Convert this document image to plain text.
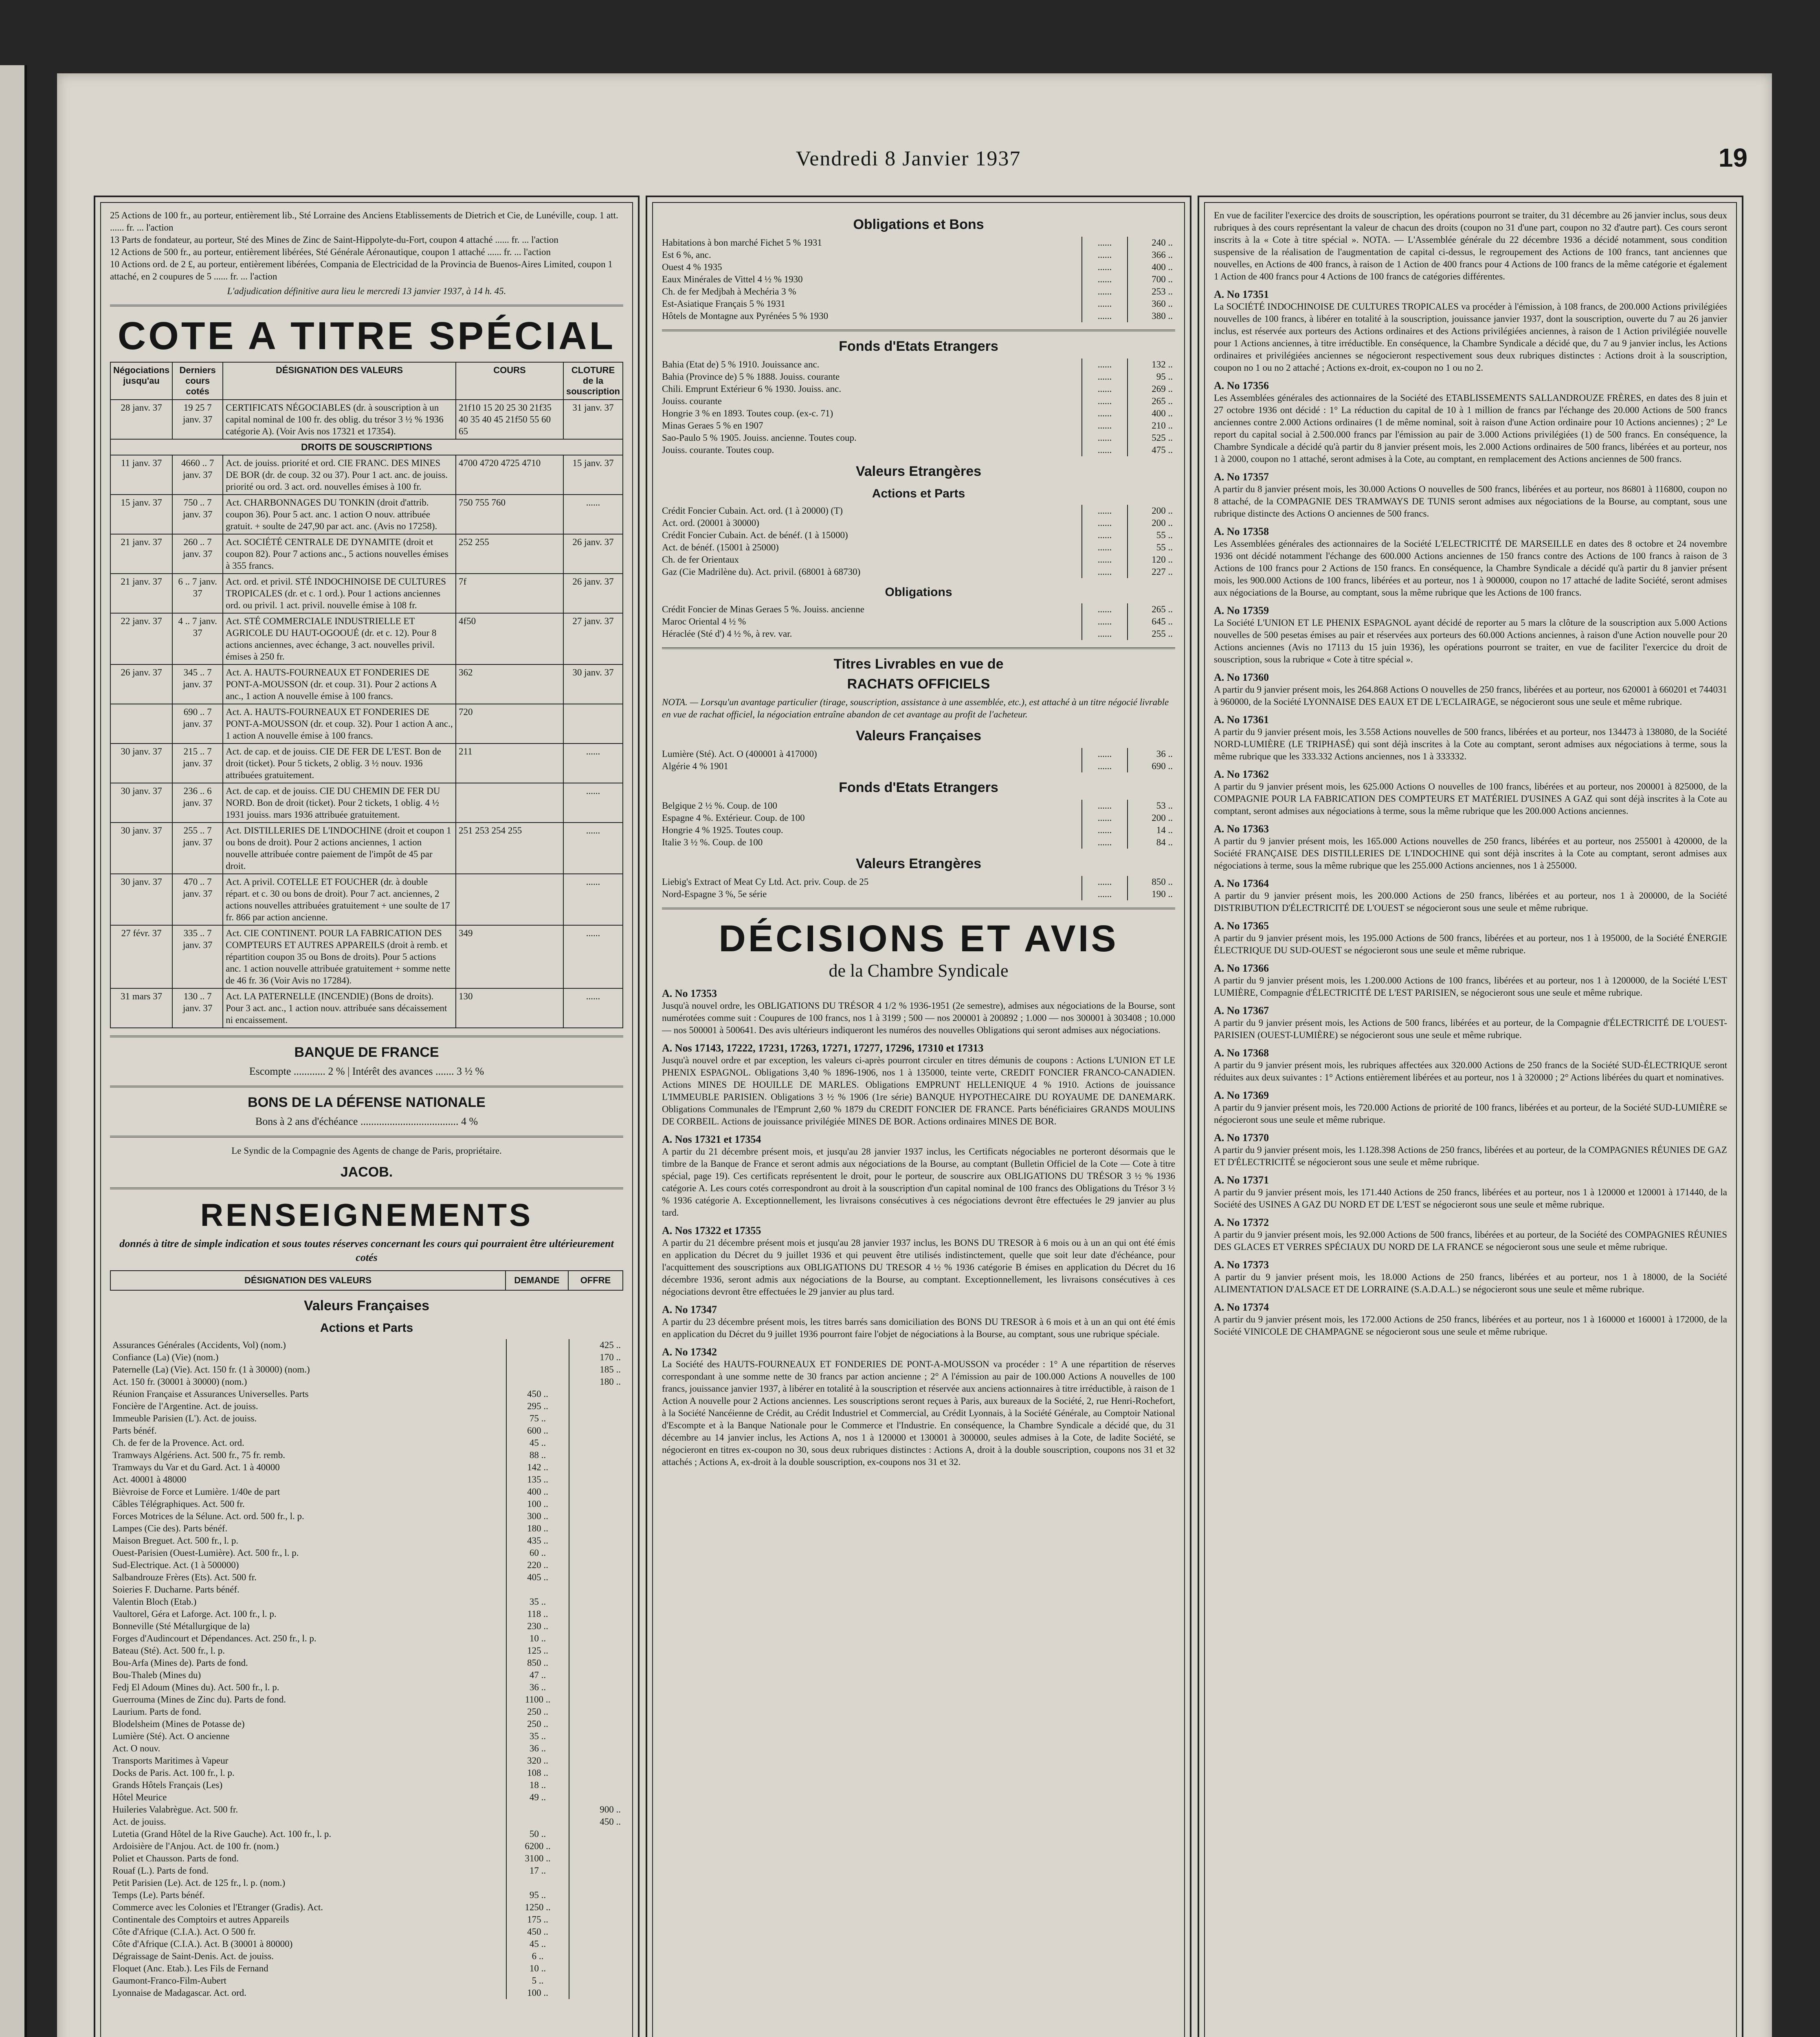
Vendredi 8 Janvier 1937	19
25 Actions de 100 fr., au porteur, entièrement lib., Sté Lorraine des Anciens Etablissements de Dietrich et Cie, de Lunéville, coup. 1 att. ...... fr. ... l'action
13 Parts de fondateur, au porteur, Sté des Mines de Zinc de Saint-Hippolyte-du-Fort, coupon 4 attaché ...... fr. ... l'action
12 Actions de 500 fr., au porteur, entièrement libérées, Sté Générale Aéronautique, coupon 1 attaché ...... fr. ... l'action
10 Actions ord. de 2 £, au porteur, entièrement libérées, Compania de Electricidad de la Provincia de Buenos-Aires Limited, coupon 1 attaché, en 2 coupures de 5 ...... fr. ... l'action
L'adjudication définitive aura lieu le mercredi 13 janvier 1937, à 14 h. 45.
COTE A TITRE SPÉCIAL
Négociations jusqu'au	Derniers cours cotés	DÉSIGNATION DES VALEURS	COURS	CLOTURE de la souscription
28 janv. 37	19 25 7 janv. 37	CERTIFICATS NÉGOCIABLES (dr. à souscription à un capital nominal de 100 fr. des oblig. du trésor 3 ½ % 1936 catégorie A). (Voir Avis nos 17321 et 17354).	21f10 15 20 25 30 21f35 40 35 40 45 21f50 55 60 65	31 janv. 37
DROITS DE SOUSCRIPTIONS				
11 janv. 37	4660 .. 7 janv. 37	Act. de jouiss. priorité et ord. CIE FRANC. DES MINES DE BOR (dr. de coup. 32 ou 37). Pour 1 act. anc. de jouiss. priorité ou ord. 3 act. ord. nouvelles émises à 100 fr.	4700 4720 4725 4710	15 janv. 37
15 janv. 37	750 .. 7 janv. 37	Act. CHARBONNAGES DU TONKIN (droit d'attrib. coupon 36). Pour 5 act. anc. 1 action O nouv. attribuée gratuit. + soulte de 247,90 par act. anc. (Avis no 17258).	750 755 760	......
21 janv. 37	260 .. 7 janv. 37	Act. SOCIÉTÉ CENTRALE DE DYNAMITE (droit et coupon 82). Pour 7 actions anc., 5 actions nouvelles émises à 355 francs.	252 255	26 janv. 37
21 janv. 37	6 .. 7 janv. 37	Act. ord. et privil. STÉ INDOCHINOISE DE CULTURES TROPICALES (dr. et c. 1 ord.). Pour 1 actions anciennes ord. ou privil. 1 act. privil. nouvelle émise à 108 fr.	7f	26 janv. 37
22 janv. 37	4 .. 7 janv. 37	Act. STÉ COMMERCIALE INDUSTRIELLE ET AGRICOLE DU HAUT-OGOOUÉ (dr. et c. 12). Pour 8 actions anciennes, avec échange, 3 act. nouvelles privil. émises à 250 fr.	4f50	27 janv. 37
26 janv. 37	345 .. 7 janv. 37	Act. A. HAUTS-FOURNEAUX ET FONDERIES DE PONT-A-MOUSSON (dr. et coup. 31). Pour 2 actions A anc., 1 action A nouvelle émise à 100 francs.	362	30 janv. 37
	690 .. 7 janv. 37	Act. A. HAUTS-FOURNEAUX ET FONDERIES DE PONT-A-MOUSSON (dr. et coup. 32). Pour 1 action A anc., 1 action A nouvelle émise à 100 francs.	720	
30 janv. 37	215 .. 7 janv. 37	Act. de cap. et de jouiss. CIE DE FER DE L'EST. Bon de droit (ticket). Pour 5 tickets, 2 oblig. 3 ½ nouv. 1936 attribuées gratuitement.	211	......
30 janv. 37	236 .. 6 janv. 37	Act. de cap. et de jouiss. CIE DU CHEMIN DE FER DU NORD. Bon de droit (ticket). Pour 2 tickets, 1 oblig. 4 ½ 1931 jouiss. mars 1936 attribuée gratuitement.		......
30 janv. 37	255 .. 7 janv. 37	Act. DISTILLERIES DE L'INDOCHINE (droit et coupon 1 ou bons de droit). Pour 2 actions anciennes, 1 action nouvelle attribuée contre paiement de l'impôt de 45 par droit.	251 253 254 255	......
30 janv. 37	470 .. 7 janv. 37	Act. A privil. COTELLE ET FOUCHER (dr. à double répart. et c. 30 ou bons de droit). Pour 7 act. anciennes, 2 actions nouvelles attribuées gratuitement + une soulte de 17 fr. 866 par action ancienne.		......
27 févr. 37	335 .. 7 janv. 37	Act. CIE CONTINENT. POUR LA FABRICATION DES COMPTEURS ET AUTRES APPAREILS (droit à remb. et répartition coupon 35 ou Bons de droits). Pour 5 actions anc. 1 action nouvelle attribuée gratuitement + somme nette de 46 fr. 36 (Voir Avis no 17284).	349	......
31 mars 37	130 .. 7 janv. 37	Act. LA PATERNELLE (INCENDIE) (Bons de droits). Pour 3 act. anc., 1 action nouv. attribuée sans décaissement ni encaissement.	130	......
BANQUE DE FRANCE
Escompte ............ 2 % | Intérêt des avances ....... 3 ½ %
BONS DE LA DÉFENSE NATIONALE
Bons à 2 ans d'échéance ..................................... 4 %
Le Syndic de la Compagnie des Agents de change de Paris, propriétaire.
JACOB.
RENSEIGNEMENTS
donnés à titre de simple indication et sous toutes réserves concernant les cours qui pourraient être ultérieurement cotés
DÉSIGNATION DES VALEURS	DEMANDE	OFFRE
Valeurs Françaises
Actions et Parts
Assurances Générales (Accidents, Vol) (nom.)		425 ..
Confiance (La) (Vie) (nom.)		170 ..
Paternelle (La) (Vie). Act. 150 fr. (1 à 30000) (nom.)		185 ..
Act. 150 fr. (30001 à 30000) (nom.)		180 ..
Réunion Française et Assurances Universelles. Parts	450 ..	
Foncière de l'Argentine. Act. de jouiss.	295 ..	
Immeuble Parisien (L'). Act. de jouiss.	75 ..	
Parts bénéf.	600 ..	
Ch. de fer de la Provence. Act. ord.	45 ..	
Tramways Algériens. Act. 500 fr., 75 fr. remb.	88 ..	
Tramways du Var et du Gard. Act. 1 à 40000	142 ..	
Act. 40001 à 48000	135 ..	
Bièvroise de Force et Lumière. 1/40e de part	400 ..	
Câbles Télégraphiques. Act. 500 fr.	100 ..	
Forces Motrices de la Sélune. Act. ord. 500 fr., l. p.	300 ..	
Lampes (Cie des). Parts bénéf.	180 ..	
Maison Breguet. Act. 500 fr., l. p.	435 ..	
Ouest-Parisien (Ouest-Lumière). Act. 500 fr., l. p.	60 ..	
Sud-Electrique. Act. (1 à 500000)	220 ..	
Salbandrouze Frères (Ets). Act. 500 fr.	405 ..	
Soieries F. Ducharne. Parts bénéf.		
Valentin Bloch (Etab.)	35 ..	
Vaultorel, Géra et Laforge. Act. 100 fr., l. p.	118 ..	
Bonneville (Sté Métallurgique de la)	230 ..	
Forges d'Audincourt et Dépendances. Act. 250 fr., l. p.	10 ..	
Bateau (Sté). Act. 500 fr., l. p.	125 ..	
Bou-Arfa (Mines de). Parts de fond.	850 ..	
Bou-Thaleb (Mines du)	47 ..	
Fedj El Adoum (Mines du). Act. 500 fr., l. p.	36 ..	
Guerrouma (Mines de Zinc du). Parts de fond.	1100 ..	
Laurium. Parts de fond.	250 ..	
Blodelsheim (Mines de Potasse de)	250 ..	
Lumière (Sté). Act. O ancienne	35 ..	
Act. O nouv.	36 ..	
Transports Maritimes à Vapeur	320 ..	
Docks de Paris. Act. 100 fr., l. p.	108 ..	
Grands Hôtels Français (Les)	18 ..	
Hôtel Meurice	49 ..	
Huileries Valabrègue. Act. 500 fr.		900 ..
Act. de jouiss.		450 ..
Lutetia (Grand Hôtel de la Rive Gauche). Act. 100 fr., l. p.	50 ..	
Ardoisière de l'Anjou. Act. de 100 fr. (nom.)	6200 ..	
Poliet et Chausson. Parts de fond.	3100 ..	
Rouaf (L.). Parts de fond.	17 ..	
Petit Parisien (Le). Act. de 125 fr., l. p. (nom.)		
Temps (Le). Parts bénéf.	95 ..	
Commerce avec les Colonies et l'Etranger (Gradis). Act.	1250 ..	
Continentale des Comptoirs et autres Appareils	175 ..	
Côte d'Afrique (C.I.A.). Act. O 500 fr.	450 ..	
Côte d'Afrique (C.I.A.). Act. B (30001 à 80000)	45 ..	
Dégraissage de Saint-Denis. Act. de jouiss.	6 ..	
Floquet (Anc. Etab.). Les Fils de Fernand	10 ..	
Gaumont-Franco-Film-Aubert	5 ..	
Lyonnaise de Madagascar. Act. ord.	100 ..	
Obligations et Bons
Habitations à bon marché Fichet 5 % 1931	......	240 ..
Est 6 %, anc.	......	366 ..
Ouest 4 % 1935	......	400 ..
Eaux Minérales de Vittel 4 ½ % 1930	......	700 ..
Ch. de fer Medjbah à Mechéria 3 %	......	253 ..
Est-Asiatique Français 5 % 1931	......	360 ..
Hôtels de Montagne aux Pyrénées 5 % 1930	......	380 ..
Fonds d'Etats Etrangers
Bahia (Etat de) 5 % 1910. Jouissance anc.	......	132 ..
Bahia (Province de) 5 % 1888. Jouiss. courante	......	95 ..
Chili. Emprunt Extérieur 6 % 1930. Jouiss. anc.	......	269 ..
Jouiss. courante	......	265 ..
Hongrie 3 % en 1893. Toutes coup. (ex-c. 71)	......	400 ..
Minas Geraes 5 % en 1907	......	210 ..
Sao-Paulo 5 % 1905. Jouiss. ancienne. Toutes coup.	......	525 ..
Jouiss. courante. Toutes coup.	......	475 ..
Valeurs Etrangères
Actions et Parts
Crédit Foncier Cubain. Act. ord. (1 à 20000) (T)	......	200 ..
Act. ord. (20001 à 30000)	......	200 ..
Crédit Foncier Cubain. Act. de bénéf. (1 à 15000)	......	55 ..
Act. de bénéf. (15001 à 25000)	......	55 ..
Ch. de fer Orientaux	......	120 ..
Gaz (Cie Madrilène du). Act. privil. (68001 à 68730)	......	227 ..
Obligations
Crédit Foncier de Minas Geraes 5 %. Jouiss. ancienne	......	265 ..
Maroc Oriental 4 ½ %	......	645 ..
Héraclée (Sté d') 4 ½ %, à rev. var.	......	255 ..
Titres Livrables en vue de
RACHATS OFFICIELS
NOTA. — Lorsqu'un avantage particulier (tirage, souscription, assistance à une assemblée, etc.), est attaché à un titre négocié livrable en vue de rachat officiel, la négociation entraîne abandon de cet avantage au profit de l'acheteur.
Valeurs Françaises
Lumière (Sté). Act. O (400001 à 417000)	......	36 ..
Algérie 4 % 1901	......	690 ..
Fonds d'Etats Etrangers
Belgique 2 ½ %. Coup. de 100	......	53 ..
Espagne 4 %. Extérieur. Coup. de 100	......	200 ..
Hongrie 4 % 1925. Toutes coup.	......	14 ..
Italie 3 ½ %. Coup. de 100	......	84 ..
Valeurs Etrangères
Liebig's Extract of Meat Cy Ltd. Act. priv. Coup. de 25	......	850 ..
Nord-Espagne 3 %, 5e série	......	190 ..
DÉCISIONS ET AVIS
de la Chambre Syndicale
A. No 17353
Jusqu'à nouvel ordre, les OBLIGATIONS DU TRÉSOR 4 1/2 % 1936-1951 (2e semestre), admises aux négociations de la Bourse, sont numérotées comme suit : Coupures de 100 francs, nos 1 à 3199 ; 500 — nos 200001 à 200892 ; 1.000 — nos 300001 à 303408 ; 10.000 — nos 500001 à 500641. Des avis ultérieurs indiqueront les numéros des nouvelles Obligations qui seront admises aux négociations.
A. Nos 17143, 17222, 17231, 17263, 17271, 17277, 17296, 17310 et 17313
Jusqu'à nouvel ordre et par exception, les valeurs ci-après pourront circuler en titres démunis de coupons : Actions L'UNION ET LE PHENIX ESPAGNOL. Obligations 3,40 % 1896-1906, nos 1 à 135000, teinte verte, CREDIT FONCIER FRANCO-CANADIEN. Actions MINES DE HOUILLE DE MARLES. Obligations EMPRUNT HELLENIQUE 4 % 1910. Actions de jouissance L'IMMEUBLE PARISIEN. Obligations 3 ½ % 1906 (1re série) BANQUE HYPOTHECAIRE DU ROYAUME DE DANEMARK. Obligations Communales de l'Emprunt 2,60 % 1879 du CREDIT FONCIER DE FRANCE. Parts bénéficiaires GRANDS MOULINS DE CORBEIL. Actions de jouissance privilégiée MINES DE BOR. Actions ordinaires MINES DE BOR.
A. Nos 17321 et 17354
A partir du 21 décembre présent mois, et jusqu'au 28 janvier 1937 inclus, les Certificats négociables ne porteront désormais que le timbre de la Banque de France et seront admis aux négociations de la Bourse, au comptant (Bulletin Officiel de la Cote — Cote à titre spécial, page 19). Ces certificats représentent le droit, pour le porteur, de souscrire aux OBLIGATIONS DU TRÉSOR 3 ½ % 1936 catégorie A. Les cours cotés correspondront au droit à la souscription d'un capital nominal de 100 francs des Obligations du Trésor 3 ½ % 1936 catégorie A. Exceptionnellement, les livraisons consécutives à ces négociations devront être effectuées le 29 janvier au plus tard.
A. Nos 17322 et 17355
A partir du 21 décembre présent mois et jusqu'au 28 janvier 1937 inclus, les BONS DU TRESOR à 6 mois ou à un an qui ont été émis en application du Décret du 9 juillet 1936 et qui peuvent être utilisés indistinctement, quelle que soit leur date d'échéance, pour l'acquittement des souscriptions aux OBLIGATIONS DU TRESOR 4 ½ % 1936 catégorie B émises en application du Décret du 16 décembre 1936, seront admis aux négociations de la Bourse, au comptant. Exceptionnellement, les livraisons consécutives à ces négociations devront être effectuées le 29 janvier au plus tard.
A. No 17347
A partir du 23 décembre présent mois, les titres barrés sans domiciliation des BONS DU TRESOR à 6 mois et à un an qui ont été émis en application du Décret du 9 juillet 1936 pourront faire l'objet de négociations à la Bourse, au comptant, sous une rubrique spéciale.
A. No 17342
La Société des HAUTS-FOURNEAUX ET FONDERIES DE PONT-A-MOUSSON va procéder : 1° A une répartition de réserves correspondant à une somme nette de 30 francs par action ancienne ; 2° A l'émission au pair de 100.000 Actions A nouvelles de 100 francs, jouissance janvier 1937, à libérer en totalité à la souscription et réservée aux anciens actionnaires à titre irréductible, à raison de 1 Action A nouvelle pour 2 Actions anciennes. Les souscriptions seront reçues à Paris, aux bureaux de la Société, 2, rue Henri-Rochefort, à la Société Nancéienne de Crédit, au Crédit Industriel et Commercial, au Crédit Lyonnais, à la Société Générale, au Comptoir National d'Escompte et à la Banque Nationale pour le Commerce et l'Industrie. En conséquence, la Chambre Syndicale a décidé que, du 31 décembre au 14 janvier inclus, les Actions A, nos 1 à 120000 et 130001 à 300000, seules admises à la Cote, de ladite Société, se négocieront en titres ex-coupon no 30, sous deux rubriques distinctes : Actions A, droit à la double souscription, coupons nos 31 et 32 attachés ; Actions A, ex-droit à la double souscription, ex-coupons nos 31 et 32.
En vue de faciliter l'exercice des droits de souscription, les opérations pourront se traiter, du 31 décembre au 26 janvier inclus, sous deux rubriques à des cours représentant la valeur de chacun des droits (coupon no 31 d'une part, coupon no 32 d'autre part). Ces cours seront inscrits à la « Cote à titre spécial ». NOTA. — L'Assemblée générale du 22 décembre 1936 a décidé notamment, sous condition suspensive de la réalisation de l'augmentation de capital ci-dessus, le regroupement des Actions de 100 francs, tant anciennes que nouvelles, en Actions de 400 francs, à raison de 1 Action de 400 francs pour 4 Actions de 100 francs de la même catégorie et également 1 Action de 400 francs pour 4 Actions de 100 francs de catégories différentes.
A. No 17351
La SOCIÉTÉ INDOCHINOISE DE CULTURES TROPICALES va procéder à l'émission, à 108 francs, de 200.000 Actions privilégiées nouvelles de 100 francs, à libérer en totalité à la souscription, jouissance janvier 1937, dont la souscription, ouverte du 7 au 26 janvier inclus, est réservée aux porteurs des Actions ordinaires et des Actions privilégiées anciennes, à raison de 1 Action privilégiée nouvelle pour 1 Actions anciennes, à titre irréductible. En conséquence, la Chambre Syndicale a décidé que, du 7 au 9 janvier inclus, les Actions ordinaires et privilégiées anciennes se négocieront respectivement sous deux rubriques distinctes : Actions droit à la souscription, coupon no 1 ou no 2 attaché ; Actions ex-droit, ex-coupon no 1 ou no 2.
A. No 17356
Les Assemblées générales des actionnaires de la Société des ETABLISSEMENTS SALLANDROUZE FRÈRES, en dates des 8 juin et 27 octobre 1936 ont décidé : 1° La réduction du capital de 10 à 1 million de francs par l'échange des 20.000 Actions de 500 francs anciennes contre 2.000 Actions ordinaires (1 de même nominal, soit à raison d'une Action ordinaire pour 10 Actions anciennes) ; 2° Le report du capital social à 2.500.000 francs par l'émission au pair de 3.000 Actions privilégiées (1) de 500 francs. En conséquence, la Chambre Syndicale a décidé qu'à partir du 8 janvier présent mois, les 2.000 Actions ordinaires de 500 francs, libérées et au porteur, nos 1 à 2000, coupon no 1 attaché, seront admises à la Cote, au comptant, en remplacement des Actions anciennes de 500 francs.
A. No 17357
A partir du 8 janvier présent mois, les 30.000 Actions O nouvelles de 500 francs, libérées et au porteur, nos 86801 à 116800, coupon no 8 attaché, de la COMPAGNIE DES TRAMWAYS DE TUNIS seront admises aux négociations de la Bourse, au comptant, sous une rubrique distincte des Actions O anciennes de 500 francs.
A. No 17358
Les Assemblées générales des actionnaires de la Société L'ELECTRICITÉ DE MARSEILLE en dates des 8 octobre et 24 novembre 1936 ont décidé notamment l'échange des 600.000 Actions anciennes de 150 francs contre des Actions de 100 francs à raison de 3 Actions de 100 francs pour 2 Actions de 150 francs. En conséquence, la Chambre Syndicale a décidé qu'à partir du 8 janvier présent mois, les 900.000 Actions de 100 francs, libérées et au porteur, nos 1 à 900000, coupon no 17 attaché de ladite Société, seront admises aux négociations de la Bourse, au comptant, sous la même rubrique que les Actions de 100 francs.
A. No 17359
La Société L'UNION ET LE PHENIX ESPAGNOL ayant décidé de reporter au 5 mars la clôture de la souscription aux 5.000 Actions nouvelles de 500 pesetas émises au pair et réservées aux porteurs des 60.000 Actions anciennes, à raison d'une Action nouvelle pour 20 Actions anciennes (Avis no 17113 du 15 juin 1936), les opérations pourront se traiter, en vue de faciliter l'exercice du droit de souscription, sous la rubrique « Cote à titre spécial ».
A. No 17360
A partir du 9 janvier présent mois, les 264.868 Actions O nouvelles de 250 francs, libérées et au porteur, nos 620001 à 660201 et 744031 à 960000, de la Société LYONNAISE DES EAUX ET DE L'ECLAIRAGE, se négocieront sous une seule et même rubrique.
A. No 17361
A partir du 9 janvier présent mois, les 3.558 Actions nouvelles de 500 francs, libérées et au porteur, nos 134473 à 138080, de la Société NORD-LUMIÈRE (LE TRIPHASÉ) qui sont déjà inscrites à la Cote au comptant, seront admises aux négociations à terme, sous la même rubrique que les 333.332 Actions anciennes, nos 1 à 333332.
A. No 17362
A partir du 9 janvier présent mois, les 625.000 Actions O nouvelles de 100 francs, libérées et au porteur, nos 200001 à 825000, de la COMPAGNIE POUR LA FABRICATION DES COMPTEURS ET MATÉRIEL D'USINES A GAZ qui sont déjà inscrites à la Cote au comptant, seront admises aux négociations à terme, sous la même rubrique que les 200.000 Actions anciennes.
A. No 17363
A partir du 9 janvier présent mois, les 165.000 Actions nouvelles de 250 francs, libérées et au porteur, nos 255001 à 420000, de la Société FRANÇAISE DES DISTILLERIES DE L'INDOCHINE qui sont déjà inscrites à la Cote au comptant, seront admises aux négociations à terme, sous la même rubrique que les 255.000 Actions anciennes, nos 1 à 255000.
A. No 17364
A partir du 9 janvier présent mois, les 200.000 Actions de 250 francs, libérées et au porteur, nos 1 à 200000, de la Société DISTRIBUTION D'ÉLECTRICITÉ DE L'OUEST se négocieront sous une seule et même rubrique.
A. No 17365
A partir du 9 janvier présent mois, les 195.000 Actions de 500 francs, libérées et au porteur, nos 1 à 195000, de la Société ÉNERGIE ÉLECTRIQUE DU SUD-OUEST se négocieront sous une seule et même rubrique.
A. No 17366
A partir du 9 janvier présent mois, les 1.200.000 Actions de 100 francs, libérées et au porteur, nos 1 à 1200000, de la Société L'EST LUMIÈRE, Compagnie d'ÉLECTRICITÉ DE L'EST PARISIEN, se négocieront sous une seule et même rubrique.
A. No 17367
A partir du 9 janvier présent mois, les Actions de 500 francs, libérées et au porteur, de la Compagnie d'ÉLECTRICITÉ DE L'OUEST-PARISIEN (OUEST-LUMIÈRE) se négocieront sous une seule et même rubrique.
A. No 17368
A partir du 9 janvier présent mois, les rubriques affectées aux 320.000 Actions de 250 francs de la Société SUD-ÉLECTRIQUE seront réduites aux deux suivantes : 1° Actions entièrement libérées et au porteur, nos 1 à 320000 ; 2° Actions libérées du quart et nominatives.
A. No 17369
A partir du 9 janvier présent mois, les 720.000 Actions de priorité de 100 francs, libérées et au porteur, de la Société SUD-LUMIÈRE se négocieront sous une seule et même rubrique.
A. No 17370
A partir du 9 janvier présent mois, les 1.128.398 Actions de 250 francs, libérées et au porteur, de la COMPAGNIES RÉUNIES DE GAZ ET D'ÉLECTRICITÉ se négocieront sous une seule et même rubrique.
A. No 17371
A partir du 9 janvier présent mois, les 171.440 Actions de 250 francs, libérées et au porteur, nos 1 à 120000 et 120001 à 171440, de la Société des USINES A GAZ DU NORD ET DE L'EST se négocieront sous une seule et même rubrique.
A. No 17372
A partir du 9 janvier présent mois, les 92.000 Actions de 500 francs, libérées et au porteur, de la Société des COMPAGNIES RÉUNIES DES GLACES ET VERRES SPÉCIAUX DU NORD DE LA FRANCE se négocieront sous une seule et même rubrique.
A. No 17373
A partir du 9 janvier présent mois, les 18.000 Actions de 250 francs, libérées et au porteur, nos 1 à 18000, de la Société ALIMENTATION D'ALSACE ET DE LORRAINE (S.A.D.A.L.) se négocieront sous une seule et même rubrique.
A. No 17374
A partir du 9 janvier présent mois, les 172.000 Actions de 250 francs, libérées et au porteur, nos 1 à 160000 et 160001 à 172000, de la Société VINICOLE DE CHAMPAGNE se négocieront sous une seule et même rubrique.
